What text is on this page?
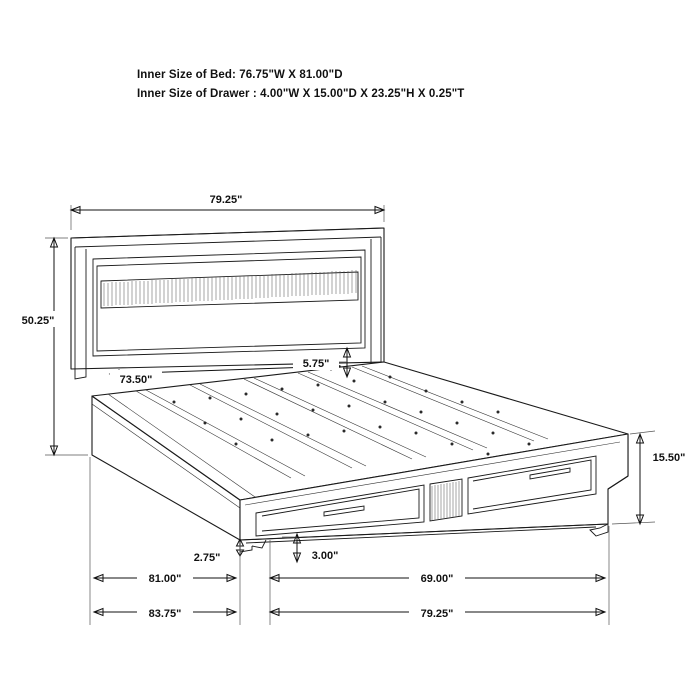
Inner Size of Bed: 76.75"W X 81.00"D
Inner Size of Drawer : 4.00"W X 15.00"D X 23.25"H X 0.25"T
79.25"
50.25"
73.50"
5.75"
15.50"
2.75"	3.00"
81.00"	69.00"
83.75"	79.25"
